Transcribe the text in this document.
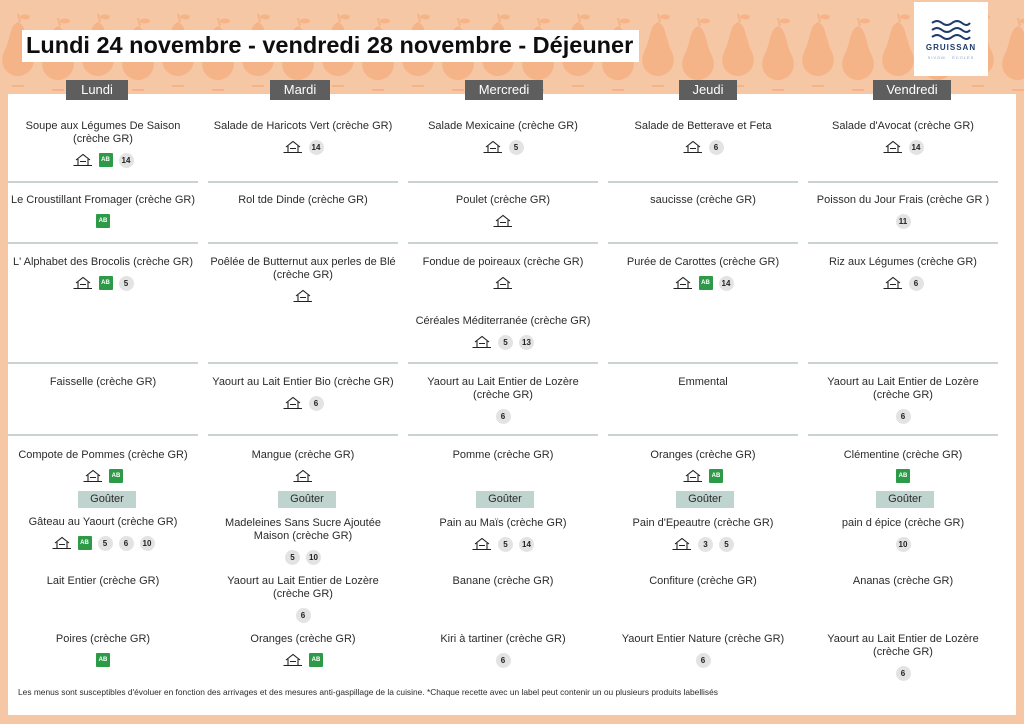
Lundi 24 novembre - vendredi 28 novembre - Déjeuner	GRUISSAN
SIVOM · ÉCOLES
Lundi
Goûter
Soupe aux Légumes De Saison (crèche GR)
AB	14
Le Croustillant Fromager (crèche GR)
AB
L' Alphabet des Brocolis (crèche GR)
AB	5
Faisselle (crèche GR)
Compote de Pommes (crèche GR)
AB
Gâteau au Yaourt (crèche GR)
AB	5	6	10
Lait Entier (crèche GR)
Poires (crèche GR)
AB
Mardi
Goûter
Salade de Haricots Vert (crèche GR)
14
Rol tde Dinde (crèche GR)
Poêlée de Butternut aux perles de Blé (crèche GR)
Yaourt au Lait Entier Bio (crèche GR)
6
Mangue (crèche GR)
Madeleines Sans Sucre Ajoutée Maison (crèche GR)
5	10
Yaourt au Lait Entier de Lozère (crèche GR)
6
Oranges (crèche GR)
AB
Mercredi
Goûter
Salade Mexicaine (crèche GR)
5
Poulet (crèche GR)
Fondue de poireaux (crèche GR)
Céréales Méditerranée (crèche GR)
5	13
Yaourt au Lait Entier de Lozère (crèche GR)
6
Pomme (crèche GR)
Pain au Maïs (crèche GR)
5	14
Banane (crèche GR)
Kiri à tartiner (crèche GR)
6
Jeudi
Goûter
Salade de Betterave et Feta
6
saucisse (crèche GR)
Purée de Carottes (crèche GR)
AB	14
Emmental
Oranges (crèche GR)
AB
Pain d'Epeautre (crèche GR)
3	5
Confiture (crèche GR)
Yaourt Entier Nature (crèche GR)
6
Vendredi
Goûter
Salade d'Avocat (crèche GR)
14
Poisson du Jour Frais (crèche GR )
11
Riz aux Légumes (crèche GR)
6
Yaourt au Lait Entier de Lozère (crèche GR)
6
Clémentine (crèche GR)
AB
pain d épice (crèche GR)
10
Ananas (crèche GR)
Yaourt au Lait Entier de Lozère (crèche GR)
6
Les menus sont susceptibles d'évoluer en fonction des arrivages et des mesures anti-gaspillage de la cuisine. *Chaque recette avec un label peut contenir un ou plusieurs produits labellisés
